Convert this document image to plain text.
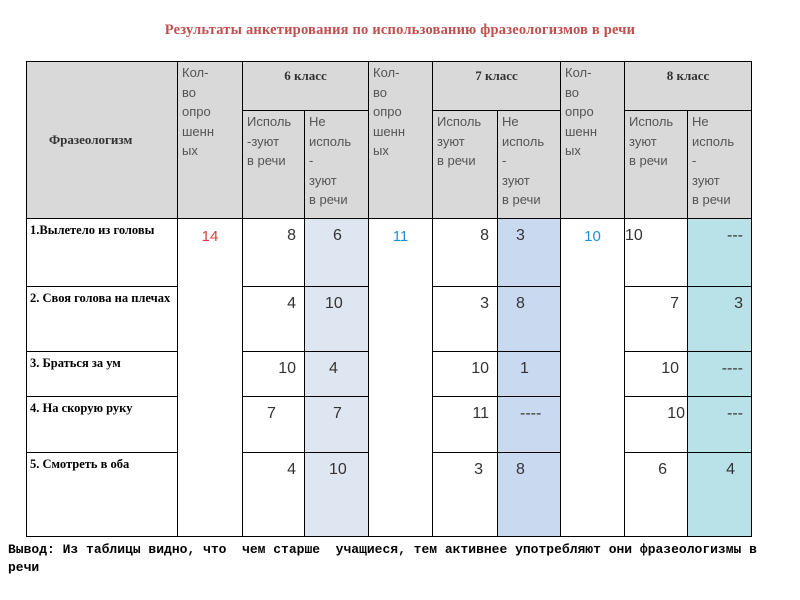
Результаты анкетирования по использованию фразеологизмов в речи
Фразеологизм	Кол-
во
опро
шенн
ых	6 класс		Кол-
во
опро
шенн
ых	7 класс		Кол-
во
опро
шенн
ых	8 класс	
		Исполь
-зуют
в речи	Не
исполь
-
зуют
в речи		Исполь
зуют
в речи	Не
исполь
-
зуют
в речи		Исполь
зуют
в речи	Не
исполь
-
зуют
в речи
1.Вылетело из головы	14	8	6	11	8	3	10	10	---
2. Своя голова на плечах		4	10		3	8		7	3
3. Браться за ум		10	4		10	1		10	----
4. На скорую руку		7	7		11	----		10	---
5. Смотреть в оба		4	10		3	8		6	4
Вывод: Из таблицы видно, что  чем старше  учащиеся, тем активнее употребляют они фразеологизмы в речи
